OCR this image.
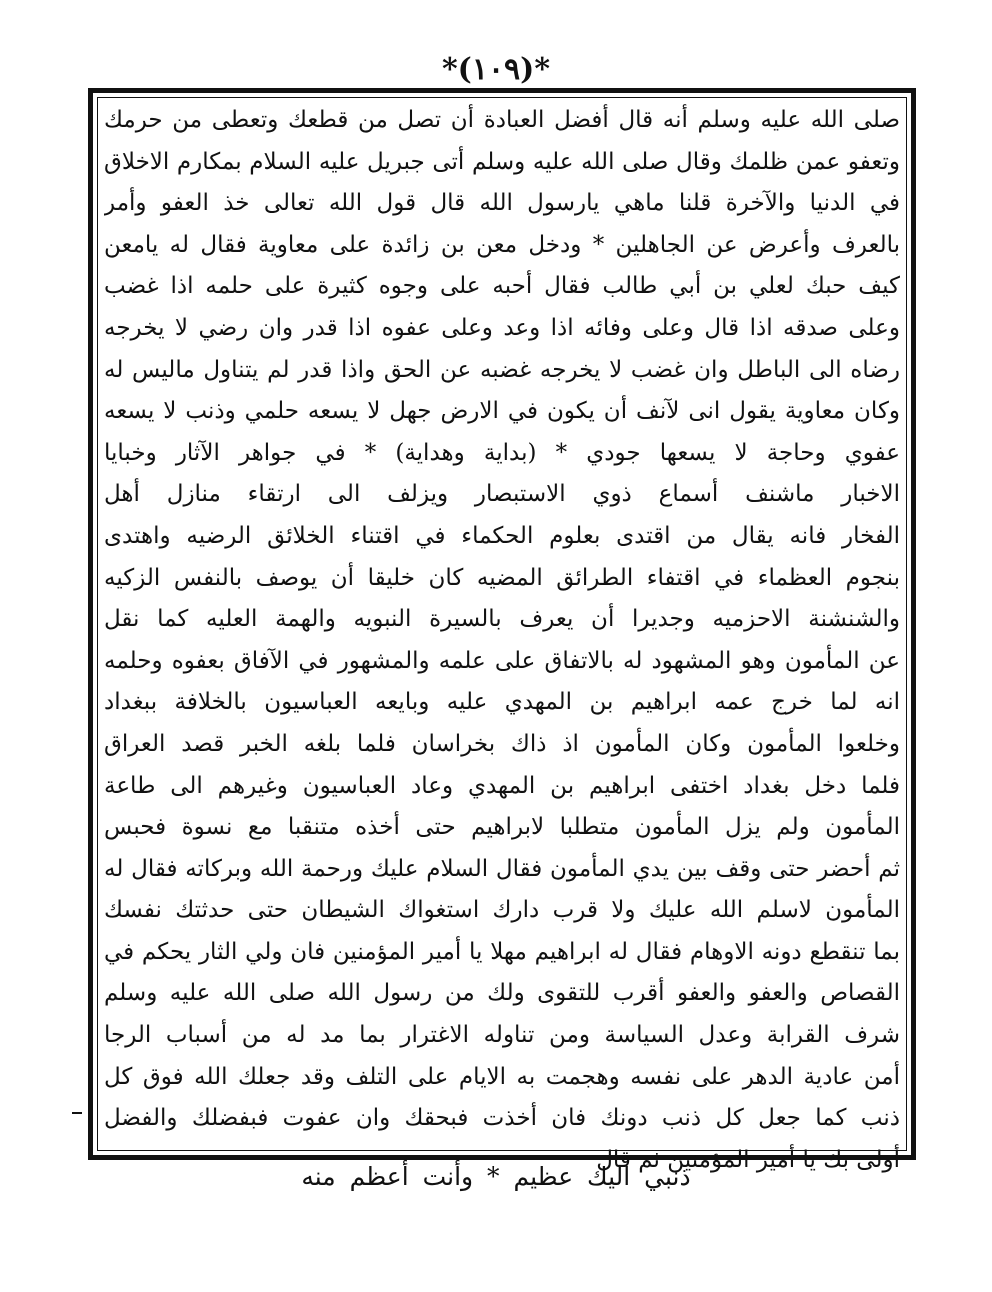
*(١٠٩)*
صلى الله عليه وسلم أنه قال أفضل العبادة أن تصل من قطعك وتعطى من حرمك
وتعفو عمن ظلمك وقال صلى الله عليه وسلم أتى جبريل عليه السلام بمكارم الاخلاق
في الدنيا والآخرة قلنا ماهي يارسول الله قال قول الله تعالى خذ العفو وأمر
بالعرف وأعرض عن الجاهلين * ودخل معن بن زائدة على معاوية فقال له يامعن
كيف حبك لعلي بن أبي طالب فقال أحبه على وجوه كثيرة على حلمه اذا غضب
وعلى صدقه اذا قال وعلى وفائه اذا وعد وعلى عفوه اذا قدر وان رضي لا يخرجه
رضاه الى الباطل وان غضب لا يخرجه غضبه عن الحق واذا قدر لم يتناول ماليس له
وكان معاوية يقول انى لآنف أن يكون في الارض جهل لا يسعه حلمي وذنب لا يسعه
عفوي وحاجة لا يسعها جودي * (بداية وهداية) * في جواهر الآثار وخبايا
الاخبار ماشنف أسماع ذوي الاستبصار ويزلف الى ارتقاء منازل أهل
الفخار فانه يقال من اقتدى بعلوم الحكماء في اقتناء الخلائق الرضيه واهتدى
بنجوم العظماء في اقتفاء الطرائق المضيه كان خليقا أن يوصف بالنفس الزكيه
والشنشنة الاحزميه وجديرا أن يعرف بالسيرة النبويه والهمة العليه كما نقل
عن المأمون وهو المشهود له بالاتفاق على علمه والمشهور في الآفاق بعفوه وحلمه
انه لما خرج عمه ابراهيم بن المهدي عليه وبايعه العباسيون بالخلافة ببغداد
وخلعوا المأمون وكان المأمون اذ ذاك بخراسان فلما بلغه الخبر قصد العراق
فلما دخل بغداد اختفى ابراهيم بن المهدي وعاد العباسيون وغيرهم الى طاعة
المأمون ولم يزل المأمون متطلبا لابراهيم حتى أخذه متنقبا مع نسوة فحبس
ثم أحضر حتى وقف بين يدي المأمون فقال السلام عليك ورحمة الله وبركاته فقال له
المأمون لاسلم الله عليك ولا قرب دارك استغواك الشيطان حتى حدثتك نفسك
بما تنقطع دونه الاوهام فقال له ابراهيم مهلا يا أمير المؤمنين فان ولي الثار يحكم في
القصاص والعفو والعفو أقرب للتقوى ولك من رسول الله صلى الله عليه وسلم
شرف القرابة وعدل السياسة ومن تناوله الاغترار بما مد له من أسباب الرجا
أمن عادية الدهر على نفسه وهجمت به الايام على التلف وقد جعلك الله فوق كل
ذنب كما جعل كل ذنب دونك فان أخذت فبحقك وان عفوت فبفضلك والفضل
أولى بك يا أمير المؤمنين ثم قال
ذنبي اليك عظيم * وأنت أعظم منه
